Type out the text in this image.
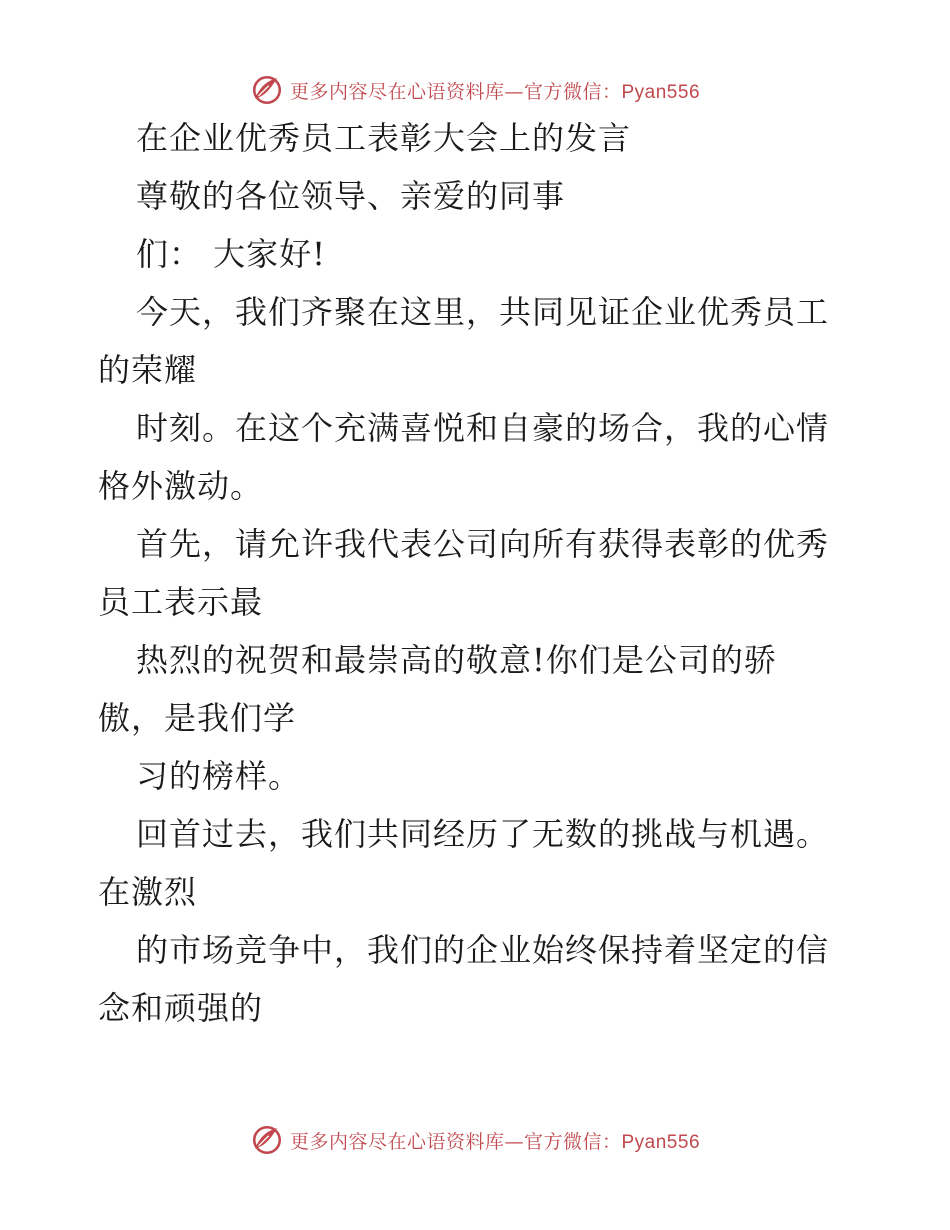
更多内容尽在心语资料库—官方微信：Pyan556
在企业优秀员工表彰大会上的发言
尊敬的各位领导、亲爱的同事
们： 大家好!
今天，我们齐聚在这里，共同见证企业优秀员工
的荣耀
时刻。在这个充满喜悦和自豪的场合，我的心情
格外激动。
首先，请允许我代表公司向所有获得表彰的优秀
员工表示最
热烈的祝贺和最崇高的敬意!你们是公司的骄
傲，是我们学
习的榜样。
回首过去，我们共同经历了无数的挑战与机遇。
在激烈
的市场竞争中，我们的企业始终保持着坚定的信
念和顽强的
更多内容尽在心语资料库—官方微信：Pyan556
